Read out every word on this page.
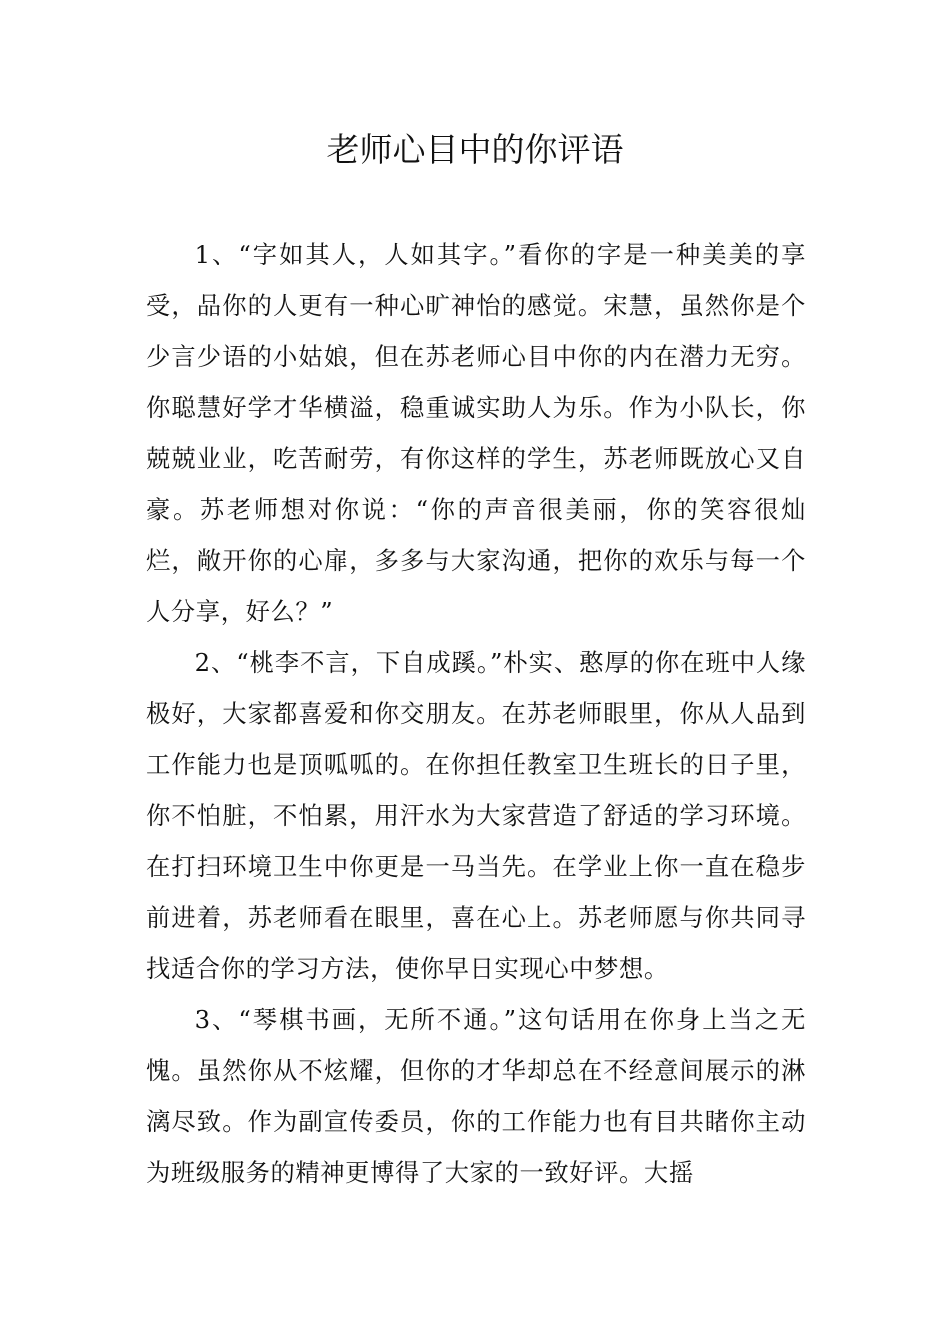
老师心目中的你评语

1、“字如其人，人如其字。”看你的字是一种美美的享受，品你的人更有一种心旷神怡的感觉。宋慧，虽然你是个少言少语的小姑娘，但在苏老师心目中你的内在潜力无穷。你聪慧好学才华横溢，稳重诚实助人为乐。作为小队长，你兢兢业业，吃苦耐劳，有你这样的学生，苏老师既放心又自豪。苏老师想对你说：“你的声音很美丽，你的笑容很灿烂，敞开你的心扉，多多与大家沟通，把你的欢乐与每一个人分享，好么？”

2、“桃李不言，下自成蹊。”朴实、憨厚的你在班中人缘极好，大家都喜爱和你交朋友。在苏老师眼里，你从人品到工作能力也是顶呱呱的。在你担任教室卫生班长的日子里，你不怕脏，不怕累，用汗水为大家营造了舒适的学习环境。在打扫环境卫生中你更是一马当先。在学业上你一直在稳步前进着，苏老师看在眼里，喜在心上。苏老师愿与你共同寻找适合你的学习方法，使你早日实现心中梦想。

3、“琴棋书画，无所不通。”这句话用在你身上当之无愧。虽然你从不炫耀，但你的才华却总在不经意间展示的淋漓尽致。作为副宣传委员，你的工作能力也有目共睹你主动为班级服务的精神更博得了大家的一致好评。大摇
